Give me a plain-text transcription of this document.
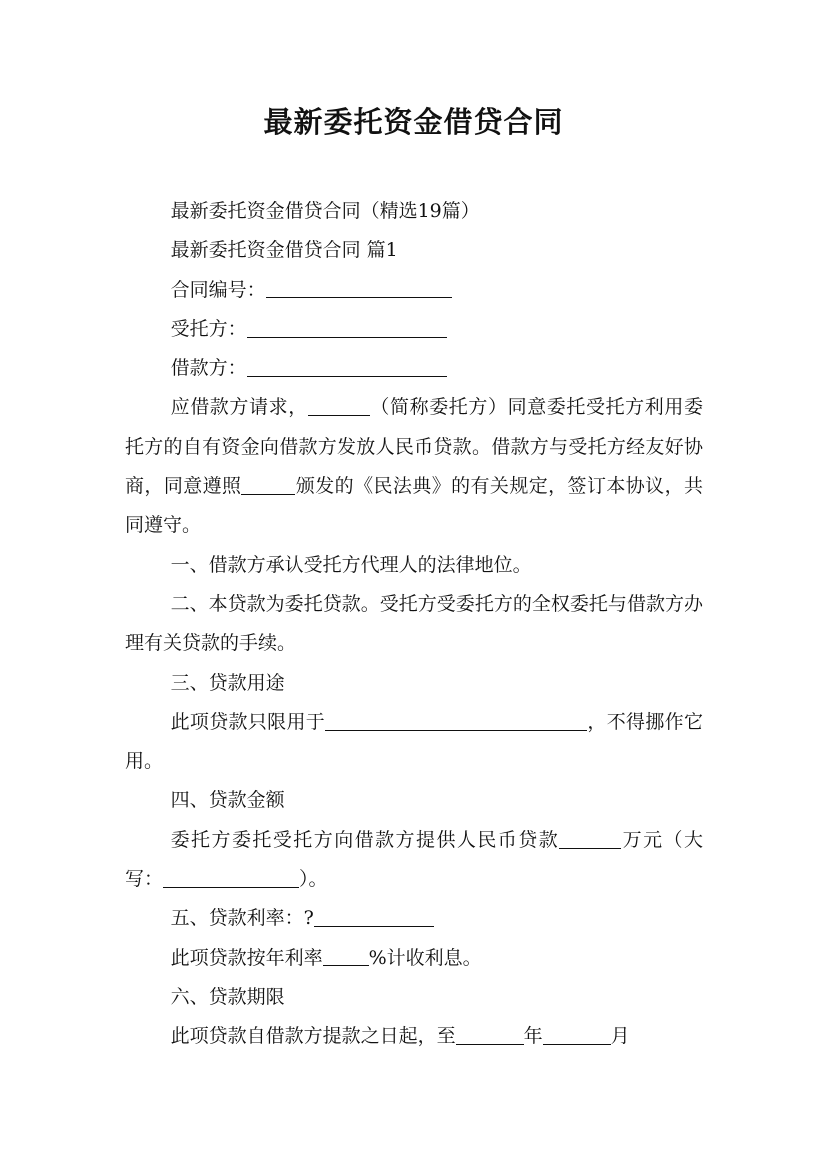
最新委托资金借贷合同

最新委托资金借贷合同（精选19篇）

最新委托资金借贷合同 篇1

合同编号：

受托方：

借款方：

应借款方请求，	（简称委托方）同意委托受托方利用委托方的自有资金向借款方发放人民币贷款。借款方与受托方经友好协商，同意遵照	颁发的《民法典》的有关规定，签订本协议，共同遵守。

一、借款方承认受托方代理人的法律地位。

二、本贷款为委托贷款。受托方受委托方的全权委托与借款方办理有关贷款的手续。

三、贷款用途

此项贷款只限用于	，不得挪作它用。

四、贷款金额

委托方委托受托方向借款方提供人民币贷款	万元（大写：	）。

五、贷款利率：?

此项贷款按年利率 %计收利息。

六、贷款期限

此项贷款自借款方提款之日起，至	年	月
